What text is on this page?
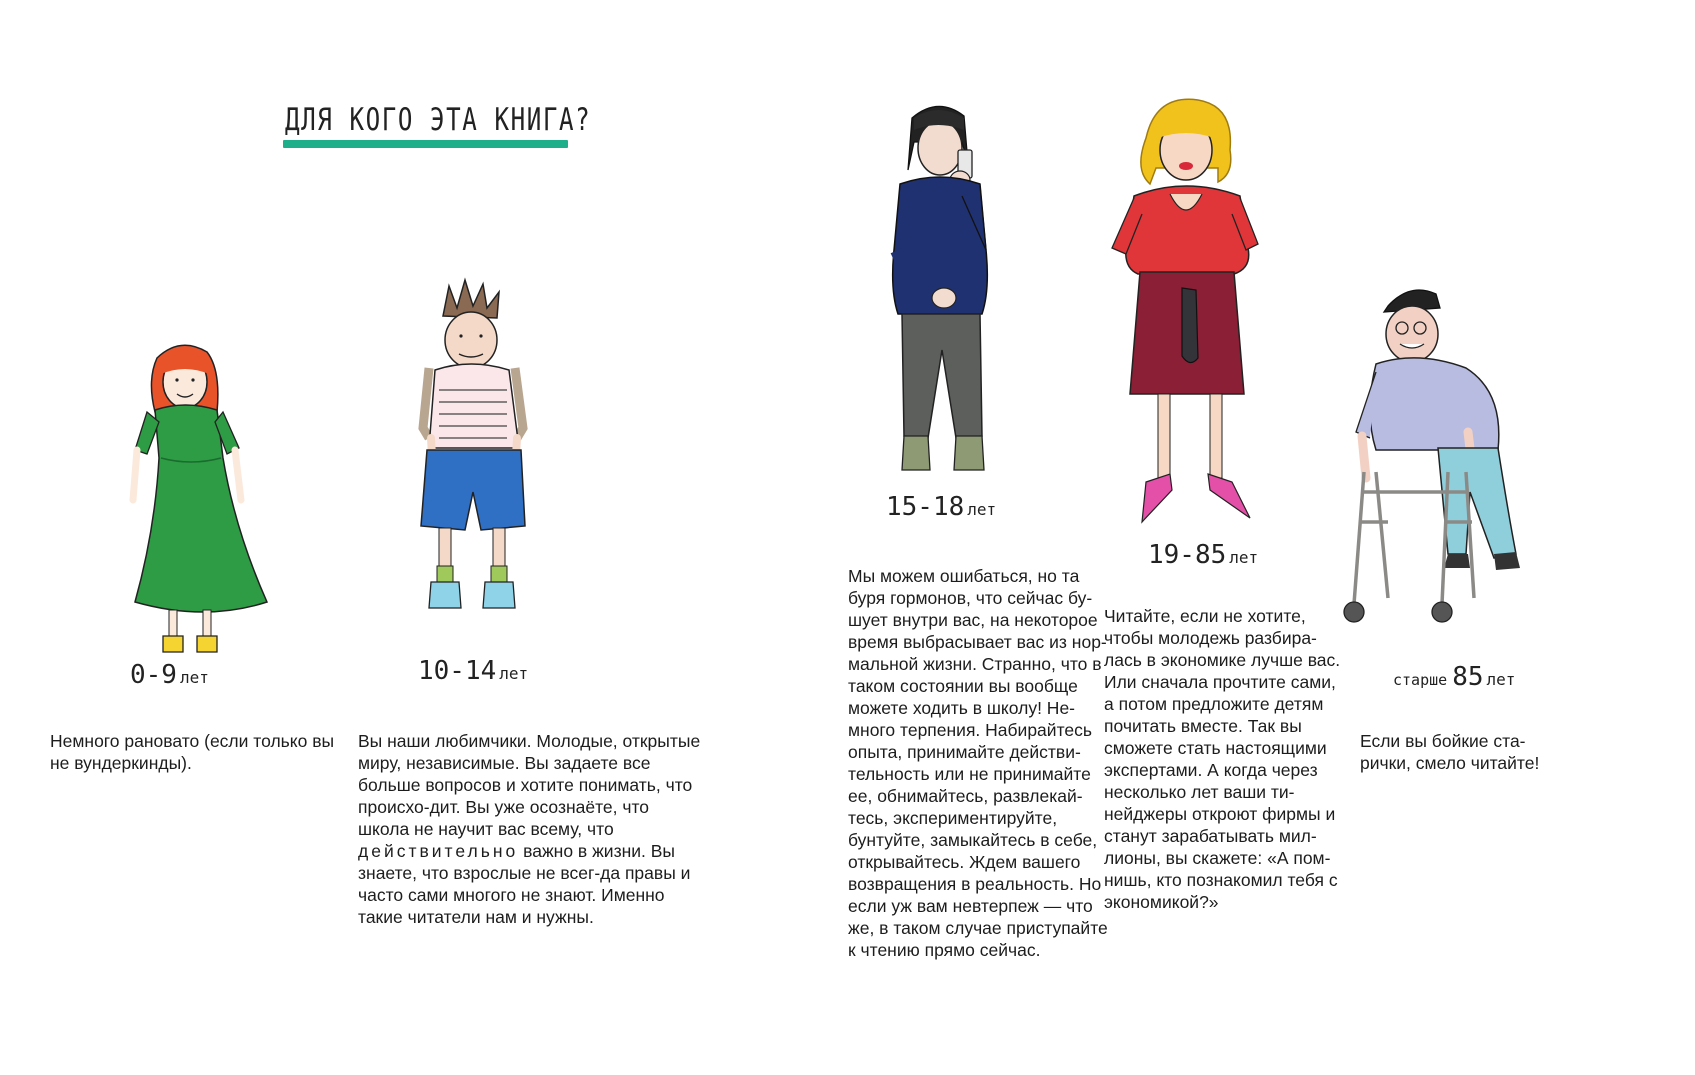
ДЛЯ КОГО ЭТА КНИГА?
0-9 лет
Немного рановато (если только вы не вундеркинды).
10-14 лет
Вы наши любимчики. Молодые, открытые миру, независимые. Вы задаете все больше вопросов и хотите понимать, что происхо-дит. Вы уже осознаёте, что школа не научит вас всему, что действительно важно в жизни. Вы знаете, что взрослые не всег-да правы и часто сами многого не знают. Именно такие читатели нам и нужны.
15-18 лет
Мы можем ошибаться, но та буря гормонов, что сейчас бу-шует внутри вас, на некоторое время выбрасывает вас из нор-мальной жизни. Странно, что в таком состоянии вы вообще можете ходить в школу! Не-много терпения. Набирайтесь опыта, принимайте действи-тельность или не принимайте ее, обнимайтесь, развлекай-тесь, экспериментируйте, бунтуйте, замыкайтесь в себе, открывайтесь. Ждем вашего возвращения в реальность. Но если уж вам невтерпеж — что же, в таком случае приступайте к чтению прямо сейчас.
19-85 лет
Читайте, если не хотите, чтобы молодежь разбира-лась в экономике лучше вас. Или сначала прочтите сами, а потом предложите детям почитать вместе. Так вы сможете стать настоящими экспертами. А когда через несколько лет ваши ти-нейджеры откроют фирмы и станут зарабатывать мил-лионы, вы скажете: «А пом-нишь, кто познакомил тебя с экономикой?»
старше 85 лет
Если вы бойкие ста-рички, смело читайте!
